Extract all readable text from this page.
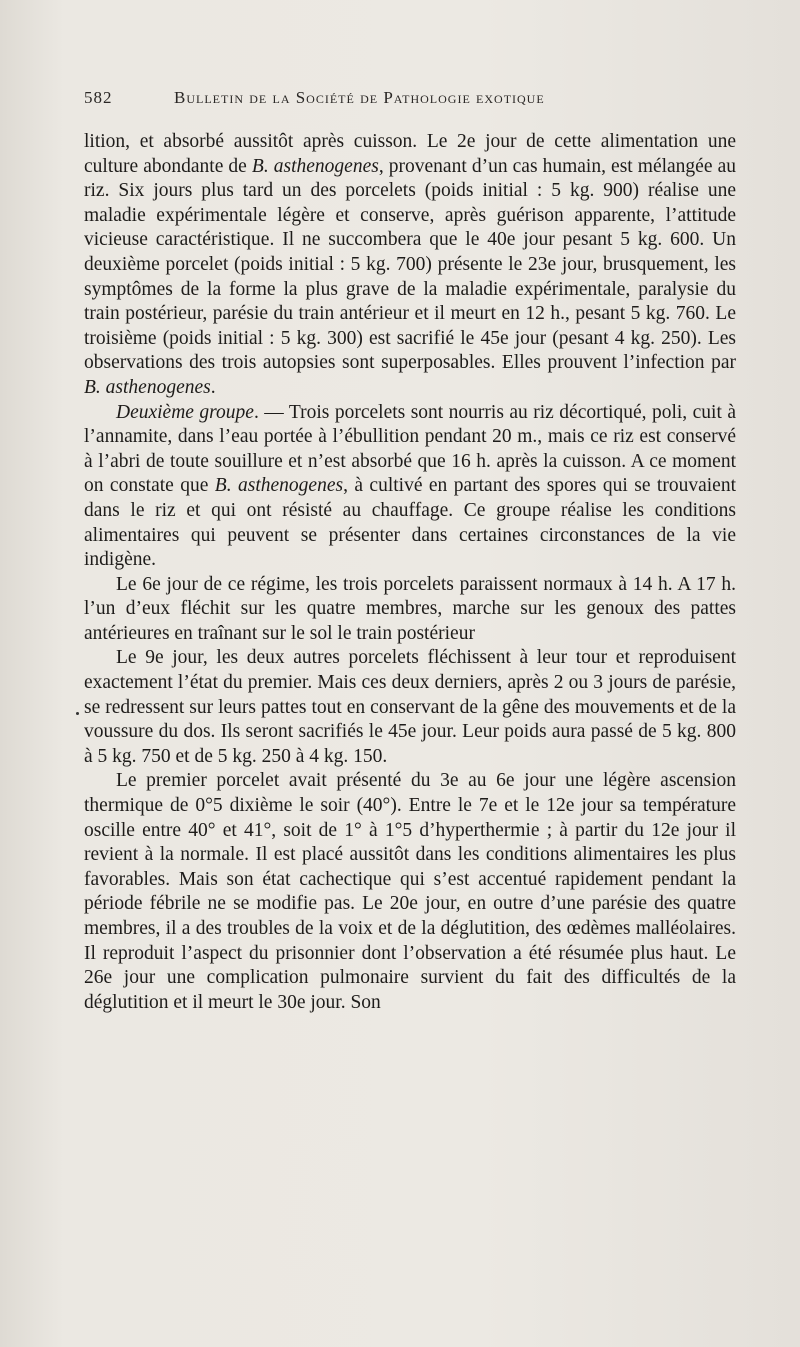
582	Bulletin de la Société de Pathologie exotique

lition, et absorbé aussitôt après cuisson. Le 2e jour de cette alimentation une culture abondante de B. asthenogenes, provenant d’un cas humain, est mélangée au riz. Six jours plus tard un des porcelets (poids initial : 5 kg. 900) réalise une maladie expérimentale légère et conserve, après guérison apparente, l’attitude vicieuse caractéristique. Il ne succombera que le 40e jour pesant 5 kg. 600. Un deuxième porcelet (poids initial : 5 kg. 700) présente le 23e jour, brusquement, les symptômes de la forme la plus grave de la maladie expérimentale, paralysie du train postérieur, parésie du train antérieur et il meurt en 12 h., pesant 5 kg. 760. Le troisième (poids initial : 5 kg. 300) est sacrifié le 45e jour (pesant 4 kg. 250). Les observations des trois autopsies sont superposables. Elles prouvent l’infection par B. asthenogenes.

Deuxième groupe. — Trois porcelets sont nourris au riz décortiqué, poli, cuit à l’annamite, dans l’eau portée à l’ébullition pendant 20 m., mais ce riz est conservé à l’abri de toute souillure et n’est absorbé que 16 h. après la cuisson. A ce moment on constate que B. asthenogenes, à cultivé en partant des spores qui se trouvaient dans le riz et qui ont résisté au chauffage. Ce groupe réalise les conditions alimentaires qui peuvent se présenter dans certaines circonstances de la vie indigène.

Le 6e jour de ce régime, les trois porcelets paraissent normaux à 14 h. A 17 h. l’un d’eux fléchit sur les quatre membres, marche sur les genoux des pattes antérieures en traînant sur le sol le train postérieur

Le 9e jour, les deux autres porcelets fléchissent à leur tour et reproduisent exactement l’état du premier. Mais ces deux derniers, après 2 ou 3 jours de parésie, se redressent sur leurs pattes tout en conservant de la gêne des mouvements et de la voussure du dos. Ils seront sacrifiés le 45e jour. Leur poids aura passé de 5 kg. 800 à 5 kg. 750 et de 5 kg. 250 à 4 kg. 150.

Le premier porcelet avait présenté du 3e au 6e jour une légère ascension thermique de 0°5 dixième le soir (40°). Entre le 7e et le 12e jour sa température oscille entre 40° et 41°, soit de 1° à 1°5 d’hyperthermie ; à partir du 12e jour il revient à la normale. Il est placé aussitôt dans les conditions alimentaires les plus favorables. Mais son état cachectique qui s’est accentué rapidement pendant la période fébrile ne se modifie pas. Le 20e jour, en outre d’une parésie des quatre membres, il a des troubles de la voix et de la déglutition, des œdèmes malléolaires. Il reproduit l’aspect du prisonnier dont l’observation a été résumée plus haut. Le 26e jour une complication pulmonaire survient du fait des difficultés de la déglutition et il meurt le 30e jour. Son
